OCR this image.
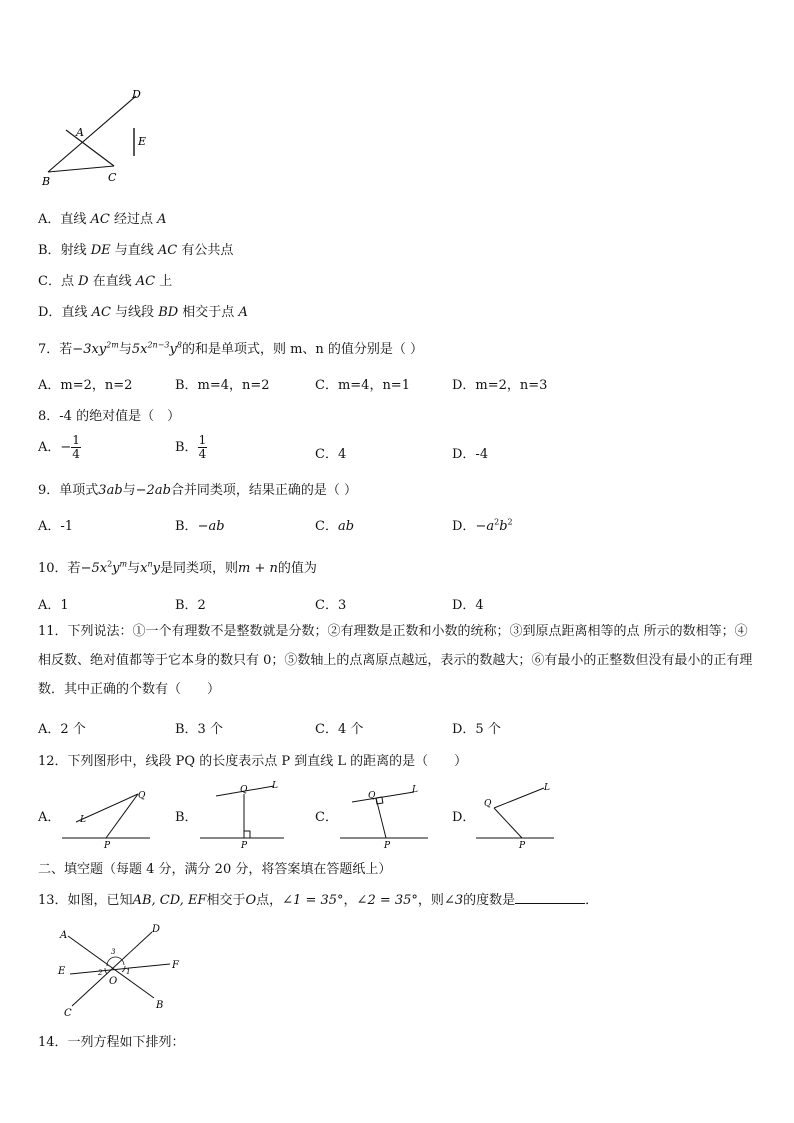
D
A
E
B	C
A．直线 AC 经过点 A
B．射线 DE 与直线 AC 有公共点
C．点 D 在直线 AC 上
D．直线 AC 与线段 BD 相交于点 A
7．若$-3xy^{2m}$与$5x^{2n-3}y^8$的和是单项式，则 m、n 的值分别是（ ）
A．m=2，n=2	B．m=4，n=2	C．m=4，n=1	D．m=2，n=3
8．-4 的绝对值是（　）
A．− $\frac{1}{4}$	B． $\frac{1}{4}$	C．4	D．-4
9．单项式3ab与−2ab合并同类项，结果正确的是（ ）
A．-1	B．−ab	C．ab	D．$-a^2b^2$
10．若$-5x^2y^m$与$x^ny$是同类项，则m + n的值为
A．1	B．2	C．3	D．4
11．下列说法：①一个有理数不是整数就是分数；②有理数是正数和小数的统称；③到原点距离相等的点 所示的数相等；④相反数、绝对值都等于它本身的数只有 0；⑤数轴上的点离原点越远，表示的数越大；⑥有最小的正整数但没有最小的正有理数．其中正确的个数有（　　）
A．2 个	B．3 个	C．4 个	D．5 个
12．下列图形中，线段 PQ 的长度表示点 P 到直线 L 的距离的是（　　）
A．
Q
L
P
B．
Q	L
P
C．
Q
L
P
D．
Q
L
P
二、填空题（每题 4 分，满分 20 分，将答案填在答题纸上）
13．如图，已知AB, CD, EF相交于O点，∠1 = 35°，∠2 = 35°，则∠3的度数是	．
A
D
E
F
C
B
O
1
2
3
14．一列方程如下排列：
